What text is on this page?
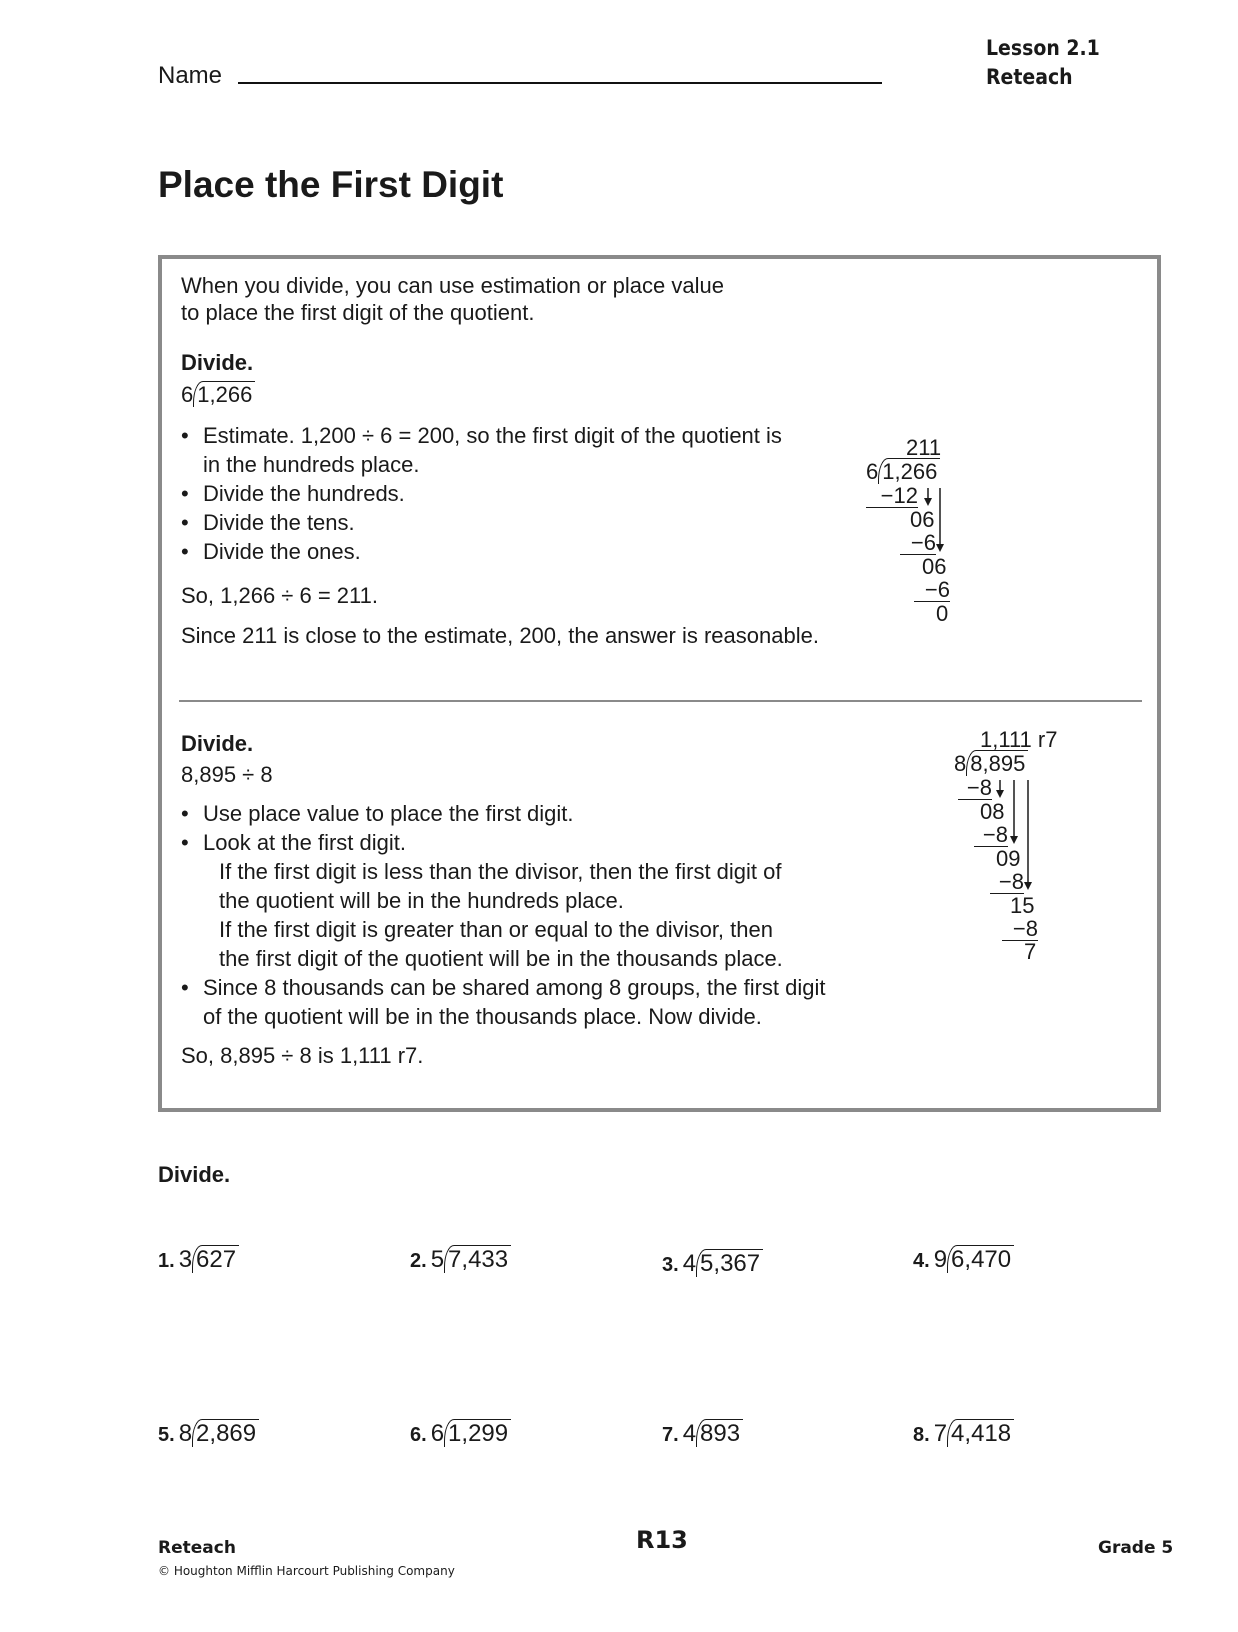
Name
Lesson 2.1
Reteach
Place the First Digit
When you divide, you can use estimation or place value
to place the first digit of the quotient.
Divide.
6 1,266
• Estimate. 1,200 ÷ 6 = 200, so the first digit of the quotient is
in the hundreds place.
• Divide the hundreds.
• Divide the tens.
• Divide the ones.
So, 1,266 ÷ 6 = 211.
Since 211 is close to the estimate, 200, the answer is reasonable.
211
6 1,266
−12
06
−6
06
−6
0
Divide.
8,895 ÷ 8
• Use place value to place the first digit.
• Look at the first digit.
If the first digit is less than the divisor, then the first digit of
the quotient will be in the hundreds place.
If the first digit is greater than or equal to the divisor, then
the first digit of the quotient will be in the thousands place.
• Since 8 thousands can be shared among 8 groups, the first digit
of the quotient will be in the thousands place. Now divide.
So, 8,895 ÷ 8 is 1,111 r7.
1,111 r7
8 8,895
−8
08
−8
09
−8
15
−8
7
Divide.
1. 3 627	2. 5 7,433	3. 4 5,367	4. 9 6,470
5. 8 2,869	6. 6 1,299	7. 4 893	8. 7 4,418
Reteach	R13	Grade 5
© Houghton Mifflin Harcourt Publishing Company
